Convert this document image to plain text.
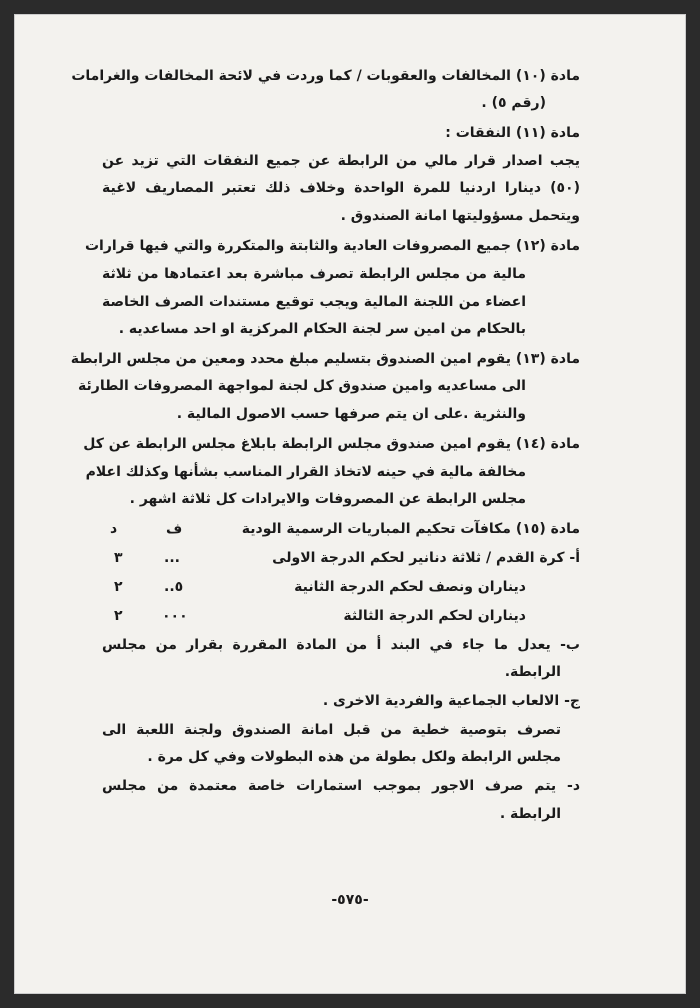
مادة (١٠) المخالفات والعقوبات / كما وردت في لائحة المخالفات والغرامات
(رقم ٥) .
مادة (١١) النفقات :
يجب اصدار قرار مالي من الرابطة عن جميع النفقات التي تزيد عن
(٥٠) دينارا اردنيا للمرة الواحدة وخلاف ذلك تعتبر المصاريف لاغية
ويتحمل مسؤوليتها امانة الصندوق .
مادة (١٢) جميع المصروفات العادية والثابتة والمتكررة والتي فيها قرارات
مالية من مجلس الرابطة تصرف مباشرة بعد اعتمادها من ثلاثة
اعضاء من اللجنة المالية ويجب توقيع مستندات الصرف الخاصة
بالحكام من امين سر لجنة الحكام المركزية او احد مساعديه .
مادة (١٣) يقوم امين الصندوق بتسليم مبلغ محدد ومعين من مجلس الرابطة
الى مساعديه وامين صندوق كل لجنة لمواجهة المصروفات الطارئة
والنثرية .على ان يتم صرفها حسب الاصول المالية .
مادة (١٤) يقوم امين صندوق مجلس الرابطة بابلاغ مجلس الرابطة عن كل
مخالفة مالية في حينه لاتخاذ القرار المناسب بشأنها وكذلك اعلام
مجلس الرابطة عن المصروفات والايرادات كل ثلاثة اشهر .
مادة (١٥) مكافآت تحكيم المباريات الرسمية الودية
ف
د
أ- كرة القدم / ثلاثة دنانير لحكم الدرجة الاولى
...
٣
ديناران ونصف لحكم الدرجة الثانية
٥..
٢
ديناران لحكم الدرجة الثالثة
٠٠٠
٢
ب- يعدل ما جاء في البند أ من المادة المقررة بقرار من مجلس
الرابطة.
ج- الالعاب الجماعية والفردية الاخرى .
تصرف بتوصية خطية من قبل امانة الصندوق ولجنة اللعبة الى
مجلس الرابطة ولكل بطولة من هذه البطولات وفي كل مرة .
د- يتم صرف الاجور بموجب استمارات خاصة معتمدة من مجلس
الرابطة .
-٥٧٥-
